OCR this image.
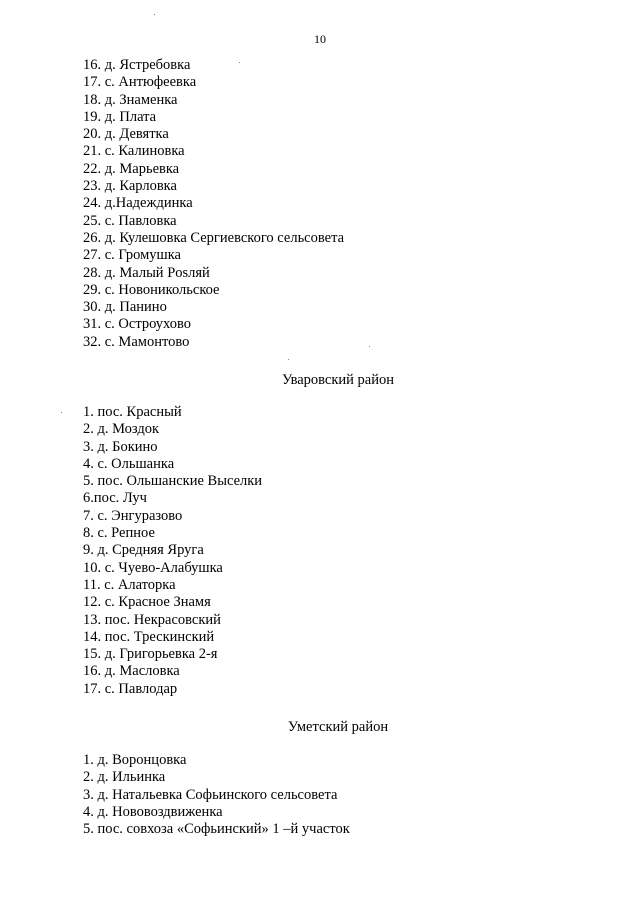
10
16. д. Ястребовка
17. с. Антюфеевка
18. д. Знаменка
19. д. Плата
20. д. Девятка
21. с. Калиновка
22. д. Марьевка
23. д. Карловка
24. д.Надеждинка
25. с. Павловка
26. д. Кулешовка Сергиевского сельсовета
27. с. Громушка
28. д. Малый Рosляй
29. с. Новоникольское
30. д. Панино
31. с. Остроухово
32. с. Мамонтово
Уваровский район
1. пос. Красный
2. д. Моздок
3. д. Бокино
4. с. Ольшанка
5. пос. Ольшанские Выселки
6.пос. Луч
7. с. Энгуразово
8. с. Репное
9. д. Средняя Яруга
10. с. Чуево-Алабушка
11. с. Алаторка
12. с. Красное Знамя
13. пос. Некрасовский
14. пос. Трескинский
15. д. Григорьевка 2-я
16. д. Масловка
17. с. Павлодар
Уметский район
1. д. Воронцовка
2. д. Ильинка
3. д. Натальевка Софьинского сельсовета
4. д. Нововоздвиженка
5. пос. совхоза «Софьинский» 1 –й участок
